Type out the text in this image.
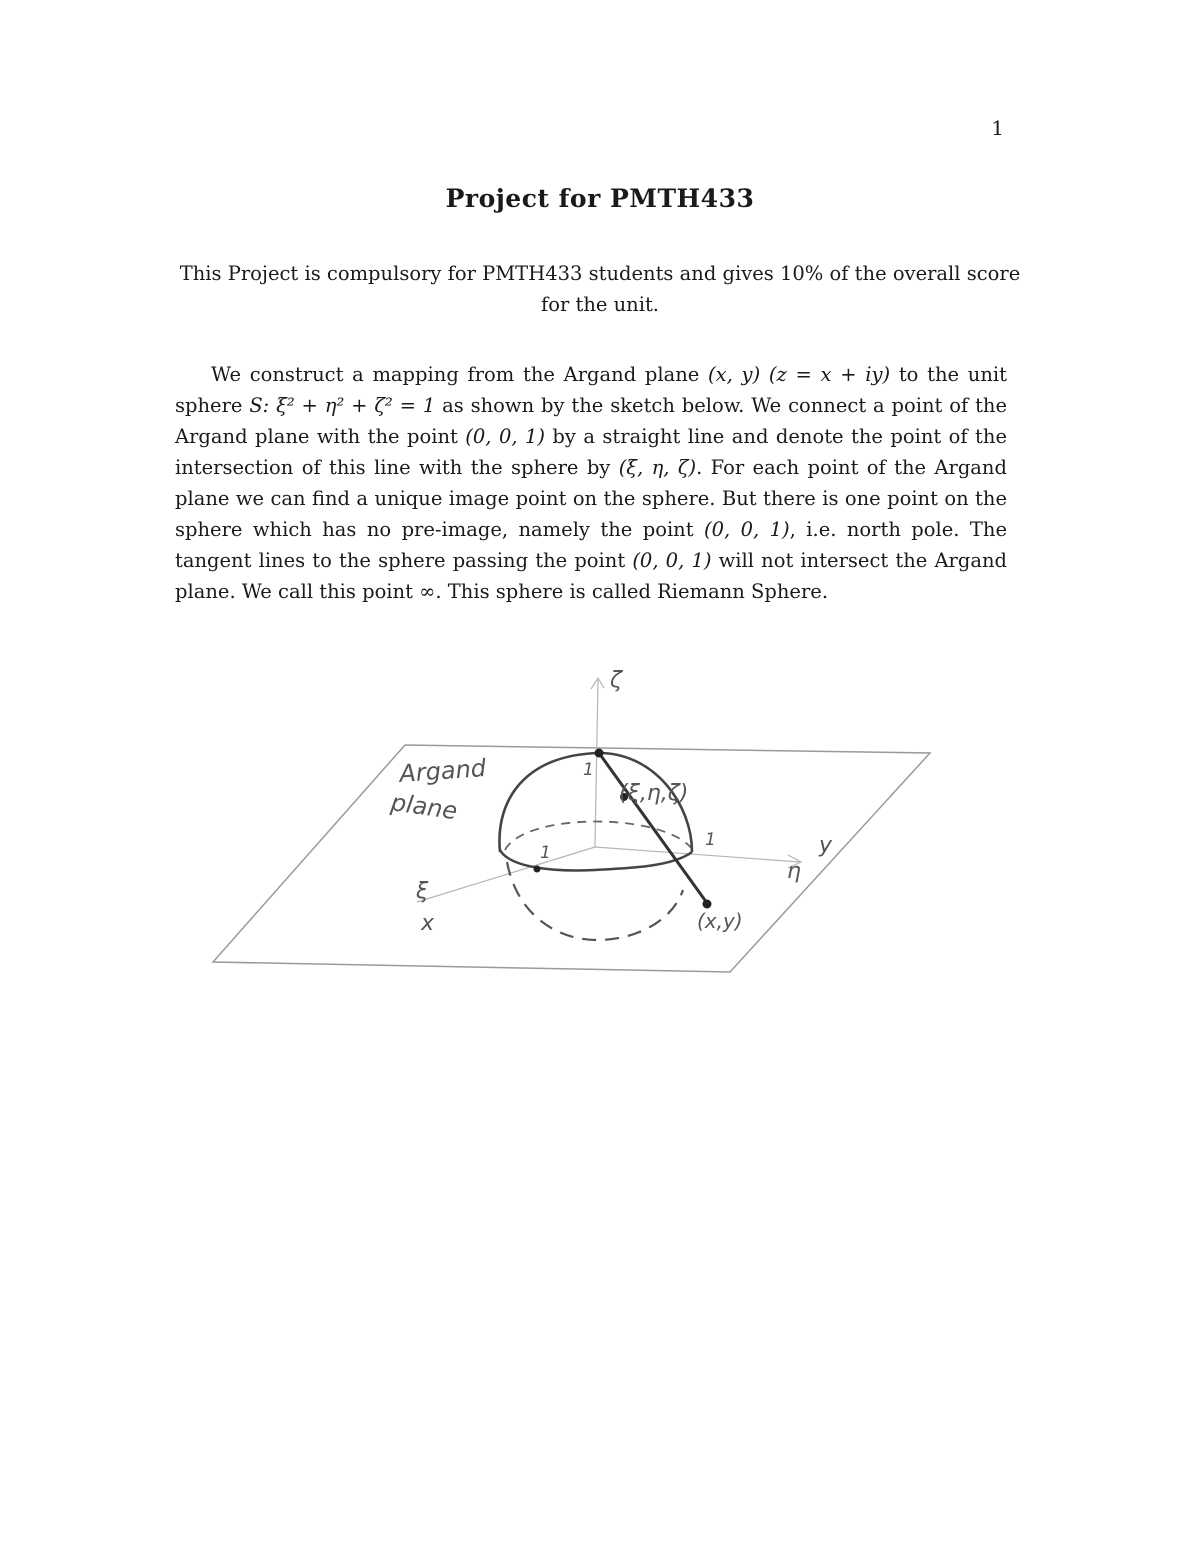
1
Project for PMTH433
This Project is compulsory for PMTH433 students and gives 10% of the overall score for the unit.

We construct a mapping from the Argand plane (x, y) (z = x + iy) to the unit sphere S: ξ² + η² + ζ² = 1 as shown by the sketch below. We connect a point of the Argand plane with the point (0, 0, 1) by a straight line and denote the point of the intersection of this line with the sphere by (ξ, η, ζ). For each point of the Argand plane we can find a unique image point on the sphere. But there is one point on the sphere which has no pre-image, namely the point (0, 0, 1), i.e. north pole. The tangent lines to the sphere passing the point (0, 0, 1) will not intersect the Argand plane. We call this point ∞. This sphere is called Riemann Sphere.

Argand
plane
ζ
η
y
ξ
x
1
1
1
(ξ,η,ζ)
(x,y)
